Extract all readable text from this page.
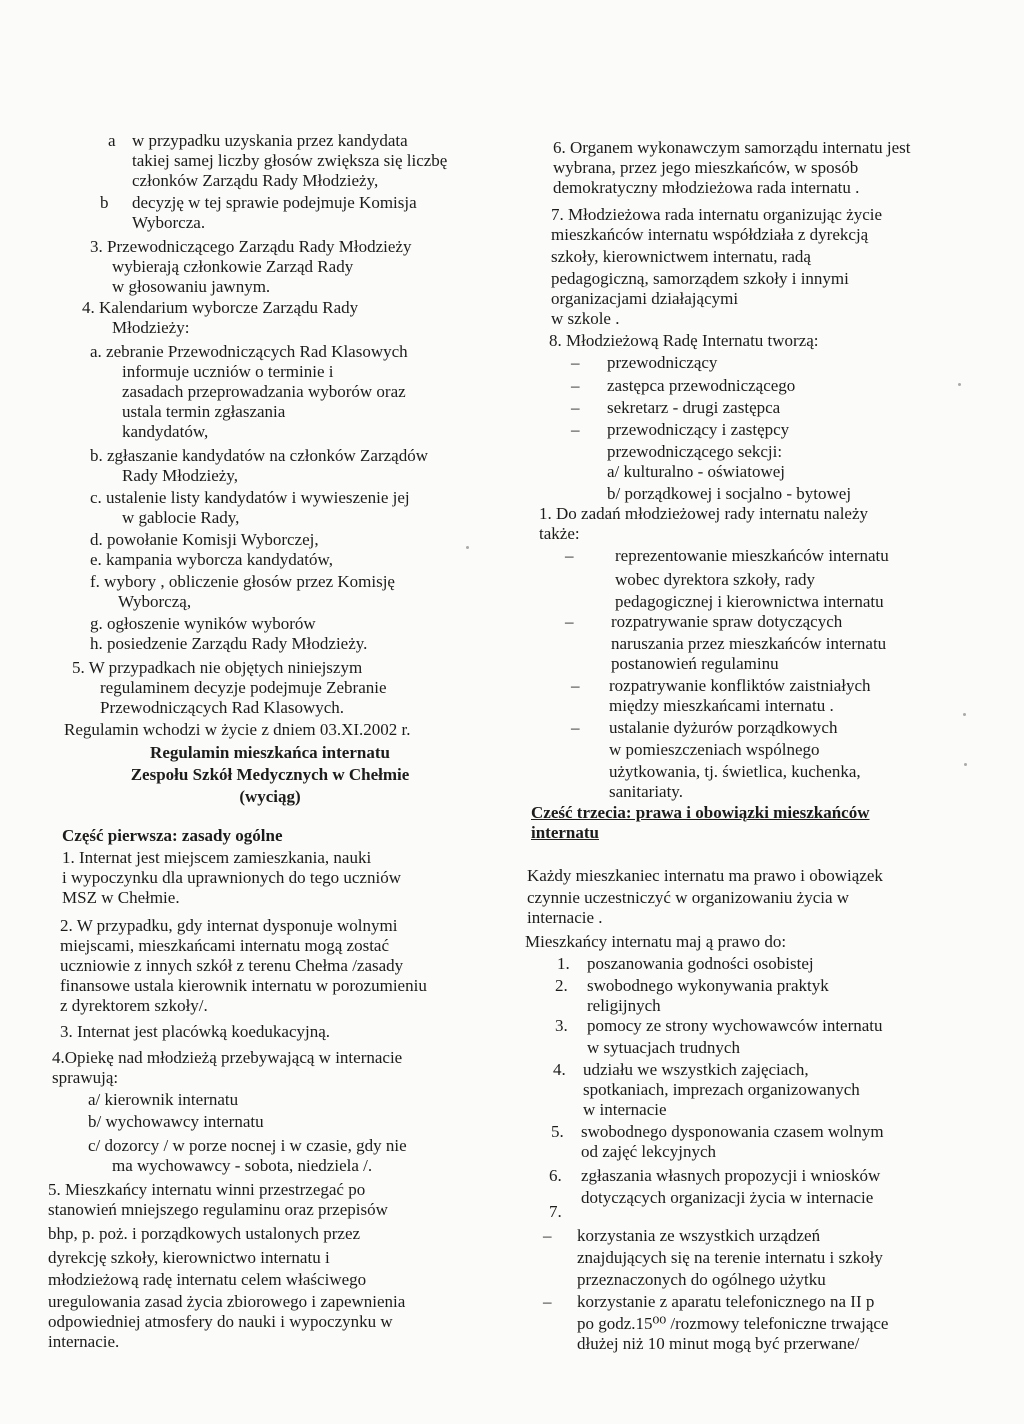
a w przypadku uzyskania przez kandydata
takiej samej liczby głosów zwiększa się liczbę
członków Zarządu Rady Młodzieży,
b decyzję w tej sprawie podejmuje Komisja
Wyborcza.
3. Przewodniczącego Zarządu Rady Młodzieży
wybierają członkowie Zarząd Rady
w głosowaniu jawnym.
4. Kalendarium wyborcze Zarządu Rady
Młodzieży:
a. zebranie Przewodniczących Rad Klasowych
informuje uczniów o terminie i
zasadach przeprowadzania wyborów oraz
ustala termin zgłaszania
kandydatów,
b. zgłaszanie kandydatów na członków Zarządów
Rady Młodzieży,
c. ustalenie listy kandydatów i wywieszenie jej
w gablocie Rady,
d. powołanie Komisji Wyborczej,
e. kampania wyborcza kandydatów,
f. wybory , obliczenie głosów przez Komisję
Wyborczą,
g. ogłoszenie wyników wyborów
h. posiedzenie Zarządu Rady Młodzieży.
5. W przypadkach nie objętych niniejszym
regulaminem decyzje podejmuje Zebranie
Przewodniczących Rad Klasowych.
Regulamin wchodzi w życie z dniem 03.XI.2002 r.
Regulamin mieszkańca internatu
Zespołu Szkół Medycznych w Chełmie
(wyciąg)
Część pierwsza: zasady ogólne
1. Internat jest miejscem zamieszkania, nauki
i wypoczynku dla uprawnionych do tego uczniów
MSZ w Chełmie.
2. W przypadku, gdy internat dysponuje wolnymi
miejscami, mieszkańcami internatu mogą zostać
uczniowie z innych szkół z terenu Chełma /zasady
finansowe ustala kierownik internatu w porozumieniu
z dyrektorem szkoły/.
3. Internat jest placówką koedukacyjną.
4.Opiekę nad młodzieżą przebywającą w internacie
sprawują:
a/ kierownik internatu
b/ wychowawcy internatu
c/ dozorcy / w porze nocnej i w czasie, gdy nie
ma wychowawcy - sobota, niedziela /.
5. Mieszkańcy internatu winni przestrzegać po
stanowień mniejszego regulaminu oraz przepisów
bhp, p. poż. i porządkowych ustalonych przez
dyrekcję szkoły, kierownictwo internatu i
młodzieżową radę internatu celem właściwego
uregulowania zasad życia zbiorowego i zapewnienia
odpowiedniej atmosfery do nauki i wypoczynku w
internacie.
6. Organem wykonawczym samorządu internatu jest
wybrana, przez jego mieszkańców, w sposób
demokratyczny młodzieżowa rada internatu .
7. Młodzieżowa rada internatu organizując życie
mieszkańców internatu współdziała z dyrekcją
szkoły, kierownictwem internatu, radą
pedagogiczną, samorządem szkoły i innymi
organizacjami działającymi
w szkole .
8. Młodzieżową Radę Internatu tworzą:
– przewodniczący
– zastępca przewodniczącego
– sekretarz - drugi zastępca
– przewodniczący i zastępcy
przewodniczącego sekcji:
a/ kulturalno - oświatowej
b/ porządkowej i socjalno - bytowej
1. Do zadań młodzieżowej rady internatu należy
także:
– reprezentowanie mieszkańców internatu
wobec dyrektora szkoły, rady
pedagogicznej i kierownictwa internatu
– rozpatrywanie spraw dotyczących
naruszania przez mieszkańców internatu
postanowień regulaminu
– rozpatrywanie konfliktów zaistniałych
między mieszkańcami internatu .
– ustalanie dyżurów porządkowych
w pomieszczeniach wspólnego
użytkowania, tj. świetlica, kuchenka,
sanitariaty.
Cześć trzecia: prawa i obowiązki mieszkańców
internatu
Każdy mieszkaniec internatu ma prawo i obowiązek
czynnie uczestniczyć w organizowaniu życia w
internacie .
Mieszkańcy internatu maj ą prawo do:
1. poszanowania godności osobistej
2. swobodnego wykonywania praktyk
religijnych
3. pomocy ze strony wychowawców internatu
w sytuacjach trudnych
4. udziału we wszystkich zajęciach,
spotkaniach, imprezach organizowanych
w internacie
5. swobodnego dysponowania czasem wolnym
od zajęć lekcyjnych
6. zgłaszania własnych propozycji i wniosków
dotyczących organizacji życia w internacie
7.
– korzystania ze wszystkich urządzeń
znajdujących się na terenie internatu i szkoły
przeznaczonych do ogólnego użytku
– korzystanie z aparatu telefonicznego na II p
po godz.15⁰⁰ /rozmowy telefoniczne trwające
dłużej niż 10 minut mogą być przerwane/
